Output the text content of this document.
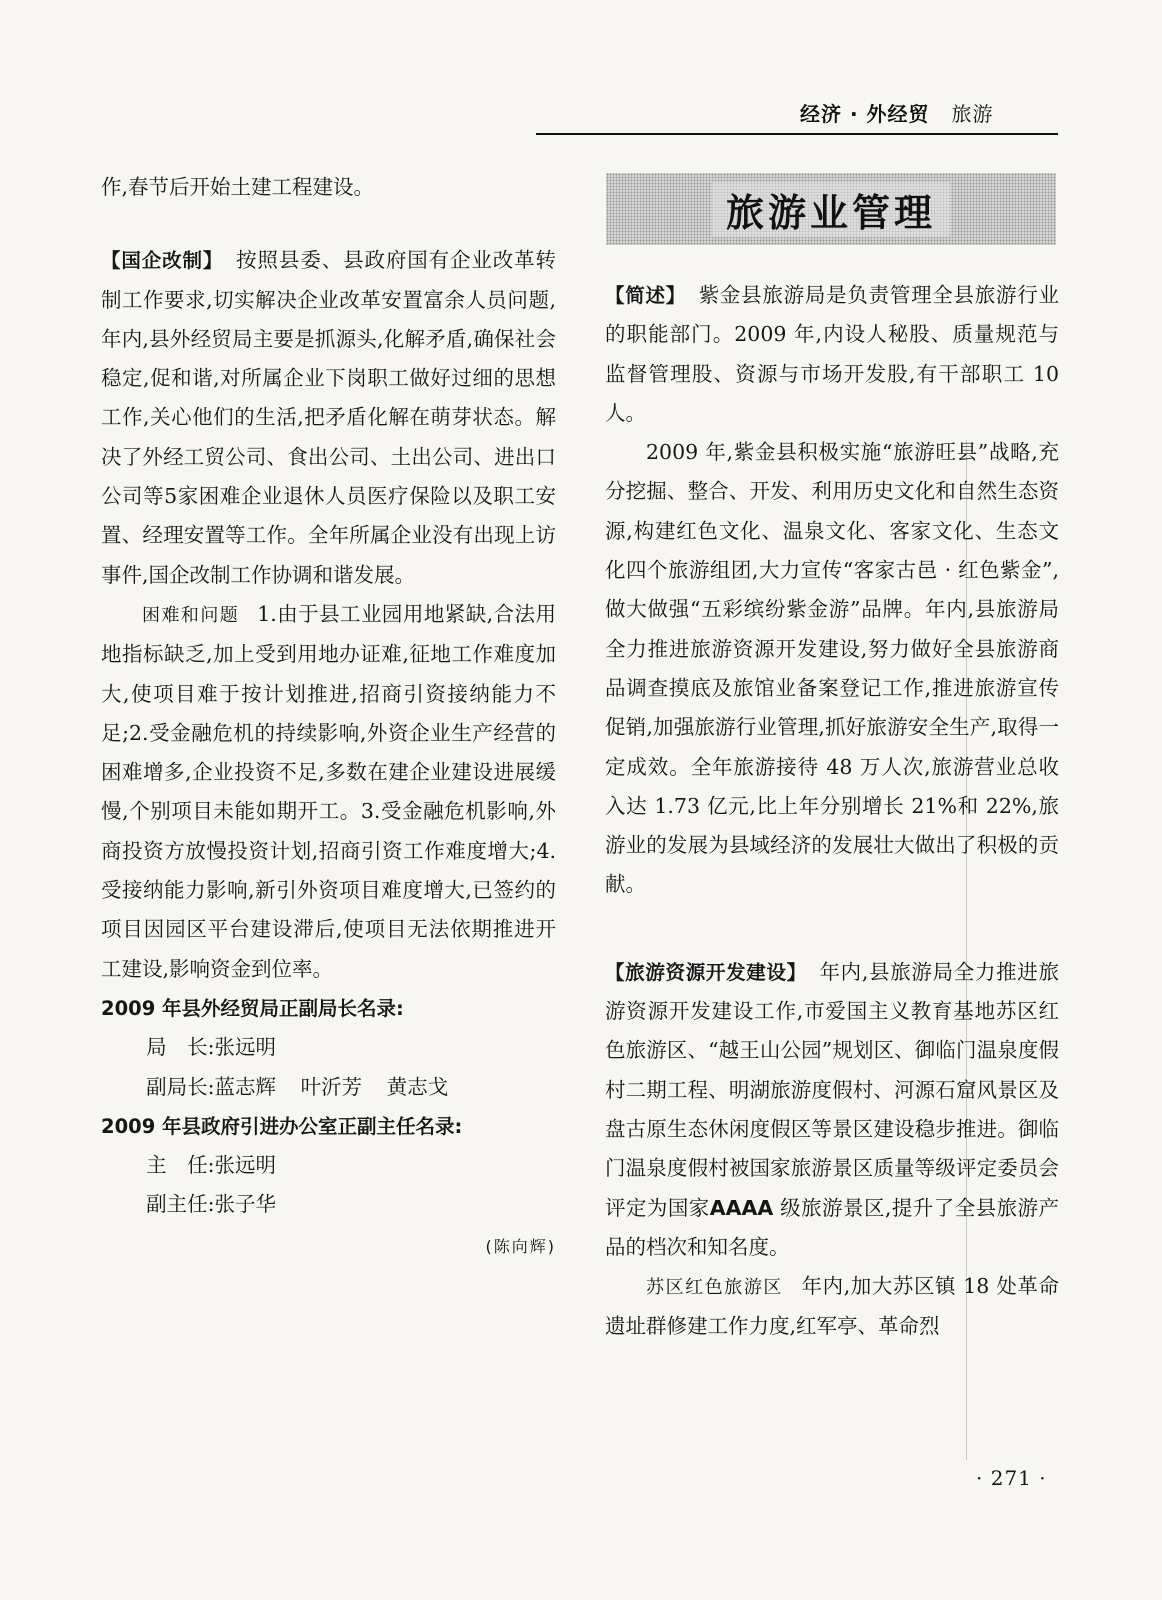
经济 · 外经贸 旅游

作,春节后开始土建工程建设。

【国企改制】 按照县委、县政府国有企业改革转制工作要求,切实解决企业改革安置富余人员问题,年内,县外经贸局主要是抓源头,化解矛盾,确保社会稳定,促和谐,对所属企业下岗职工做好过细的思想工作,关心他们的生活,把矛盾化解在萌芽状态。解决了外经工贸公司、食出公司、土出公司、进出口公司等5家困难企业退休人员医疗保险以及职工安置、经理安置等工作。全年所属企业没有出现上访事件,国企改制工作协调和谐发展。

困难和问题 1.由于县工业园用地紧缺,合法用地指标缺乏,加上受到用地办证难,征地工作难度加大,使项目难于按计划推进,招商引资接纳能力不足;2.受金融危机的持续影响,外资企业生产经营的困难增多,企业投资不足,多数在建企业建设进展缓慢,个别项目未能如期开工。3.受金融危机影响,外商投资方放慢投资计划,招商引资工作难度增大;4.受接纳能力影响,新引外资项目难度增大,已签约的项目因园区平台建设滞后,使项目无法依期推进开工建设,影响资金到位率。

2009 年县外经贸局正副局长名录:

局　长:张远明

副局长:蓝志辉 叶沂芳 黄志戈

2009 年县政府引进办公室正副主任名录:

主　任:张远明

副主任:张子华

(陈向辉)

旅游业管理

【简述】 紫金县旅游局是负责管理全县旅游行业的职能部门。2009 年,内设人秘股、质量规范与监督管理股、资源与市场开发股,有干部职工 10 人。

2009 年,紫金县积极实施“旅游旺县”战略,充分挖掘、整合、开发、利用历史文化和自然生态资源,构建红色文化、温泉文化、客家文化、生态文化四个旅游组团,大力宣传“客家古邑 · 红色紫金”,做大做强“五彩缤纷紫金游”品牌。年内,县旅游局全力推进旅游资源开发建设,努力做好全县旅游商品调查摸底及旅馆业备案登记工作,推进旅游宣传促销,加强旅游行业管理,抓好旅游安全生产,取得一定成效。全年旅游接待 48 万人次,旅游营业总收入达 1.73 亿元,比上年分别增长 21%和 22%,旅游业的发展为县域经济的发展壮大做出了积极的贡献。

【旅游资源开发建设】 年内,县旅游局全力推进旅游资源开发建设工作,市爱国主义教育基地苏区红色旅游区、“越王山公园”规划区、御临门温泉度假村二期工程、明湖旅游度假村、河源石窟风景区及盘古原生态休闲度假区等景区建设稳步推进。御临门温泉度假村被国家旅游景区质量等级评定委员会评定为国家AAAA 级旅游景区,提升了全县旅游产品的档次和知名度。

苏区红色旅游区 年内,加大苏区镇 18 处革命遗址群修建工作力度,红军亭、革命烈

· 271 ·
